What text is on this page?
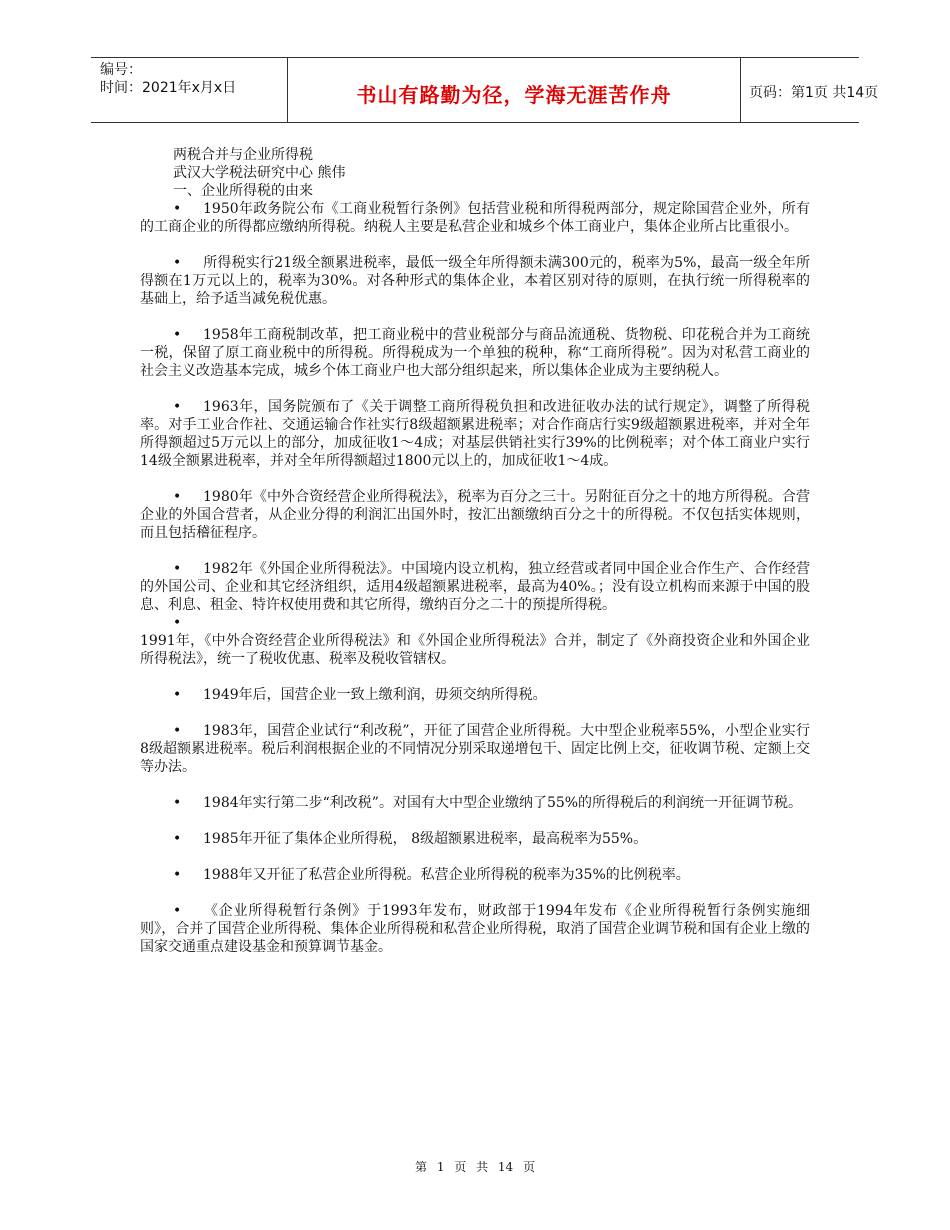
编号：
时间：2021年x月x日	书山有路勤为径，学海无涯苦作舟	页码：第1页 共14页

两税合并与企业所得税

武汉大学税法研究中心 熊伟

一、企业所得税的由来

• 1950年政务院公布《工商业税暂行条例》包括营业税和所得税两部分，规定除国营企业外，所有的工商企业的所得都应缴纳所得税。纳税人主要是私营企业和城乡个体工商业户，集体企业所占比重很小。

• 所得税实行21级全额累进税率，最低一级全年所得额未满300元的，税率为5%，最高一级全年所得额在1万元以上的，税率为30%。对各种形式的集体企业，本着区别对待的原则，在执行统一所得税率的基础上，给予适当减免税优惠。

• 1958年工商税制改革，把工商业税中的营业税部分与商品流通税、货物税、印花税合并为工商统一税，保留了原工商业税中的所得税。所得税成为一个单独的税种，称“工商所得税”。因为对私营工商业的社会主义改造基本完成，城乡个体工商业户也大部分组织起来，所以集体企业成为主要纳税人。

• 1963年，国务院颁布了《关于调整工商所得税负担和改进征收办法的试行规定》，调整了所得税率。对手工业合作社、交通运输合作社实行8级超额累进税率；对合作商店行实9级超额累进税率，并对全年所得额超过5万元以上的部分，加成征收1～4成；对基层供销社实行39%的比例税率；对个体工商业户实行14级全额累进税率，并对全年所得额超过1800元以上的，加成征收1～4成。

• 1980年《中外合资经营企业所得税法》，税率为百分之三十。另附征百分之十的地方所得税。合营企业的外国合营者，从企业分得的利润汇出国外时，按汇出额缴纳百分之十的所得税。不仅包括实体规则，而且包括稽征程序。

• 1982年《外国企业所得税法》。中国境内设立机构，独立经营或者同中国企业合作生产、合作经营的外国公司、企业和其它经济组织，适用4级超额累进税率，最高为40%。；没有设立机构而来源于中国的股息、利息、租金、特许权使用费和其它所得，缴纳百分之二十的预提所得税。

•

1991年，《中外合资经营企业所得税法》和《外国企业所得税法》合并，制定了《外商投资企业和外国企业所得税法》，统一了税收优惠、税率及税收管辖权。

• 1949年后，国营企业一致上缴利润，毋须交纳所得税。

• 1983年，国营企业试行“利改税”，开征了国营企业所得税。大中型企业税率55%，小型企业实行8级超额累进税率。税后利润根据企业的不同情况分别采取递增包干、固定比例上交，征收调节税、定额上交等办法。

• 1984年实行第二步“利改税”。对国有大中型企业缴纳了55%的所得税后的利润统一开征调节税。

• 1985年开征了集体企业所得税， 8级超额累进税率，最高税率为55%。

• 1988年又开征了私营企业所得税。私营企业所得税的税率为35%的比例税率。

• 《企业所得税暂行条例》于1993年发布，财政部于1994年发布《企业所得税暂行条例实施细则》，合并了国营企业所得税、集体企业所得税和私营企业所得税，取消了国营企业调节税和国有企业上缴的国家交通重点建设基金和预算调节基金。

第 1 页 共 14 页
